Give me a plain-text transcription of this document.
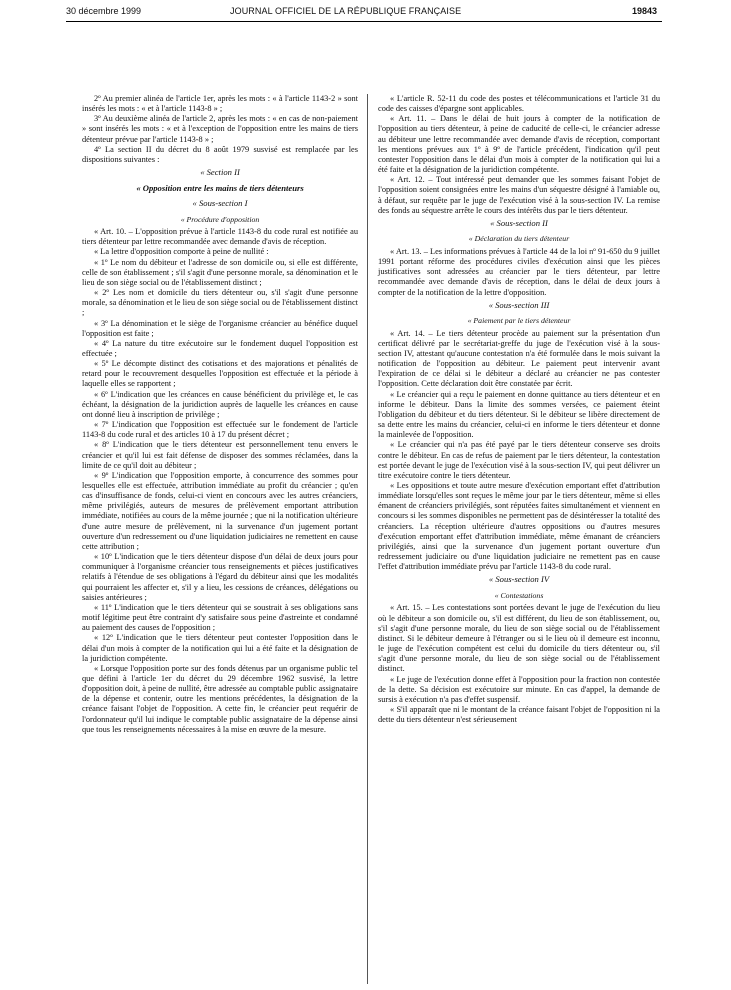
30 décembre 1999	JOURNAL OFFICIEL DE LA RÉPUBLIQUE FRANÇAISE	19843

2º Au premier alinéa de l'article 1er, après les mots : « à l'article 1143-2 » sont insérés les mots : « et à l'article 1143-8 » ;

3º Au deuxième alinéa de l'article 2, après les mots : « en cas de non-paiement » sont insérés les mots : « et à l'exception de l'opposition entre les mains de tiers détenteur prévue par l'article 1143-8 » ;

4º La section II du décret du 8 août 1979 susvisé est remplacée par les dispositions suivantes :

« Section II

« Opposition entre les mains de tiers détenteurs

« Sous-section I

« Procédure d'opposition

« Art. 10. – L'opposition prévue à l'article 1143-8 du code rural est notifiée au tiers détenteur par lettre recommandée avec demande d'avis de réception.

« La lettre d'opposition comporte à peine de nullité :

« 1º Le nom du débiteur et l'adresse de son domicile ou, si elle est différente, celle de son établissement ; s'il s'agit d'une personne morale, sa dénomination et le lieu de son siège social ou de l'établissement distinct ;

« 2º Les nom et domicile du tiers détenteur ou, s'il s'agit d'une personne morale, sa dénomination et le lieu de son siège social ou de l'établissement distinct ;

« 3º La dénomination et le siège de l'organisme créancier au bénéfice duquel l'opposition est faite ;

« 4º La nature du titre exécutoire sur le fondement duquel l'opposition est effectuée ;

« 5º Le décompte distinct des cotisations et des majorations et pénalités de retard pour le recouvrement desquelles l'opposition est effectuée et la période à laquelle elles se rapportent ;

« 6º L'indication que les créances en cause bénéficient du privilège et, le cas échéant, la désignation de la juridiction auprès de laquelle les créances en cause ont donné lieu à inscription de privilège ;

« 7º L'indication que l'opposition est effectuée sur le fondement de l'article 1143-8 du code rural et des articles 10 à 17 du présent décret ;

« 8º L'indication que le tiers détenteur est personnellement tenu envers le créancier et qu'il lui est fait défense de disposer des sommes réclamées, dans la limite de ce qu'il doit au débiteur ;

« 9º L'indication que l'opposition emporte, à concurrence des sommes pour lesquelles elle est effectuée, attribution immédiate au profit du créancier ; qu'en cas d'insuffisance de fonds, celui-ci vient en concours avec les autres créanciers, même privilégiés, auteurs de mesures de prélèvement emportant attribution immédiate, notifiées au cours de la même journée ; que ni la notification ultérieure d'une autre mesure de prélèvement, ni la survenance d'un jugement portant ouverture d'un redressement ou d'une liquidation judiciaires ne remettent en cause cette attribution ;

« 10º L'indication que le tiers détenteur dispose d'un délai de deux jours pour communiquer à l'organisme créancier tous renseignements et pièces justificatives relatifs à l'étendue de ses obligations à l'égard du débiteur ainsi que les modalités qui pourraient les affecter et, s'il y a lieu, les cessions de créances, délégations ou saisies antérieures ;

« 11º L'indication que le tiers détenteur qui se soustrait à ses obligations sans motif légitime peut être contraint d'y satisfaire sous peine d'astreinte et condamné au paiement des causes de l'opposition ;

« 12º L'indication que le tiers détenteur peut contester l'opposition dans le délai d'un mois à compter de la notification qui lui a été faite et la désignation de la juridiction compétente.

« Lorsque l'opposition porte sur des fonds détenus par un organisme public tel que défini à l'article 1er du décret du 29 décembre 1962 susvisé, la lettre d'opposition doit, à peine de nullité, être adressée au comptable public assignataire de la dépense et contenir, outre les mentions précédentes, la désignation de la créance faisant l'objet de l'opposition. A cette fin, le créancier peut requérir de l'ordonnateur qu'il lui indique le comptable public assignataire de la dépense ainsi que tous les renseignements nécessaires à la mise en œuvre de la mesure.

« L'article R. 52-11 du code des postes et télécommunications et l'article 31 du code des caisses d'épargne sont applicables.

« Art. 11. – Dans le délai de huit jours à compter de la notification de l'opposition au tiers détenteur, à peine de caducité de celle-ci, le créancier adresse au débiteur une lettre recommandée avec demande d'avis de réception, comportant les mentions prévues aux 1º à 9º de l'article précédent, l'indication qu'il peut contester l'opposition dans le délai d'un mois à compter de la notification qui lui a été faite et la désignation de la juridiction compétente.

« Art. 12. – Tout intéressé peut demander que les sommes faisant l'objet de l'opposition soient consignées entre les mains d'un séquestre désigné à l'amiable ou, à défaut, sur requête par le juge de l'exécution visé à la sous-section IV. La remise des fonds au séquestre arrête le cours des intérêts dus par le tiers détenteur.

« Sous-section II

« Déclaration du tiers détenteur

« Art. 13. – Les informations prévues à l'article 44 de la loi nº 91-650 du 9 juillet 1991 portant réforme des procédures civiles d'exécution ainsi que les pièces justificatives sont adressées au créancier par le tiers détenteur, par lettre recommandée avec demande d'avis de réception, dans le délai de deux jours à compter de la notification de la lettre d'opposition.

« Sous-section III

« Paiement par le tiers détenteur

« Art. 14. – Le tiers détenteur procède au paiement sur la présentation d'un certificat délivré par le secrétariat-greffe du juge de l'exécution visé à la sous-section IV, attestant qu'aucune contestation n'a été formulée dans le mois suivant la notification de l'opposition au débiteur. Le paiement peut intervenir avant l'expiration de ce délai si le débiteur a déclaré au créancier ne pas contester l'opposition. Cette déclaration doit être constatée par écrit.

« Le créancier qui a reçu le paiement en donne quittance au tiers détenteur et en informe le débiteur. Dans la limite des sommes versées, ce paiement éteint l'obligation du débiteur et du tiers détenteur. Si le débiteur se libère directement de sa dette entre les mains du créancier, celui-ci en informe le tiers détenteur et donne la mainlevée de l'opposition.

« Le créancier qui n'a pas été payé par le tiers détenteur conserve ses droits contre le débiteur. En cas de refus de paiement par le tiers détenteur, la contestation est portée devant le juge de l'exécution visé à la sous-section IV, qui peut délivrer un titre exécutoire contre le tiers détenteur.

« Les oppositions et toute autre mesure d'exécution emportant effet d'attribution immédiate lorsqu'elles sont reçues le même jour par le tiers détenteur, même si elles émanent de créanciers privilégiés, sont réputées faites simultanément et viennent en concours si les sommes disponibles ne permettent pas de désintéresser la totalité des créanciers. La réception ultérieure d'autres oppositions ou d'autres mesures d'exécution emportant effet d'attribution immédiate, même émanant de créanciers privilégiés, ainsi que la survenance d'un jugement portant ouverture d'un redressement judiciaire ou d'une liquidation judiciaire ne remettent pas en cause l'effet d'attribution immédiate prévu par l'article 1143-8 du code rural.

« Sous-section IV

« Contestations

« Art. 15. – Les contestations sont portées devant le juge de l'exécution du lieu où le débiteur a son domicile ou, s'il est différent, du lieu de son établissement, ou, s'il s'agit d'une personne morale, du lieu de son siège social ou de l'établissement distinct. Si le débiteur demeure à l'étranger ou si le lieu où il demeure est inconnu, le juge de l'exécution compétent est celui du domicile du tiers détenteur ou, s'il s'agit d'une personne morale, du lieu de son siège social ou de l'établissement distinct.

« Le juge de l'exécution donne effet à l'opposition pour la fraction non contestée de la dette. Sa décision est exécutoire sur minute. En cas d'appel, la demande de sursis à exécution n'a pas d'effet suspensif.

« S'il apparaît que ni le montant de la créance faisant l'objet de l'opposition ni la dette du tiers détenteur n'est sérieusement
